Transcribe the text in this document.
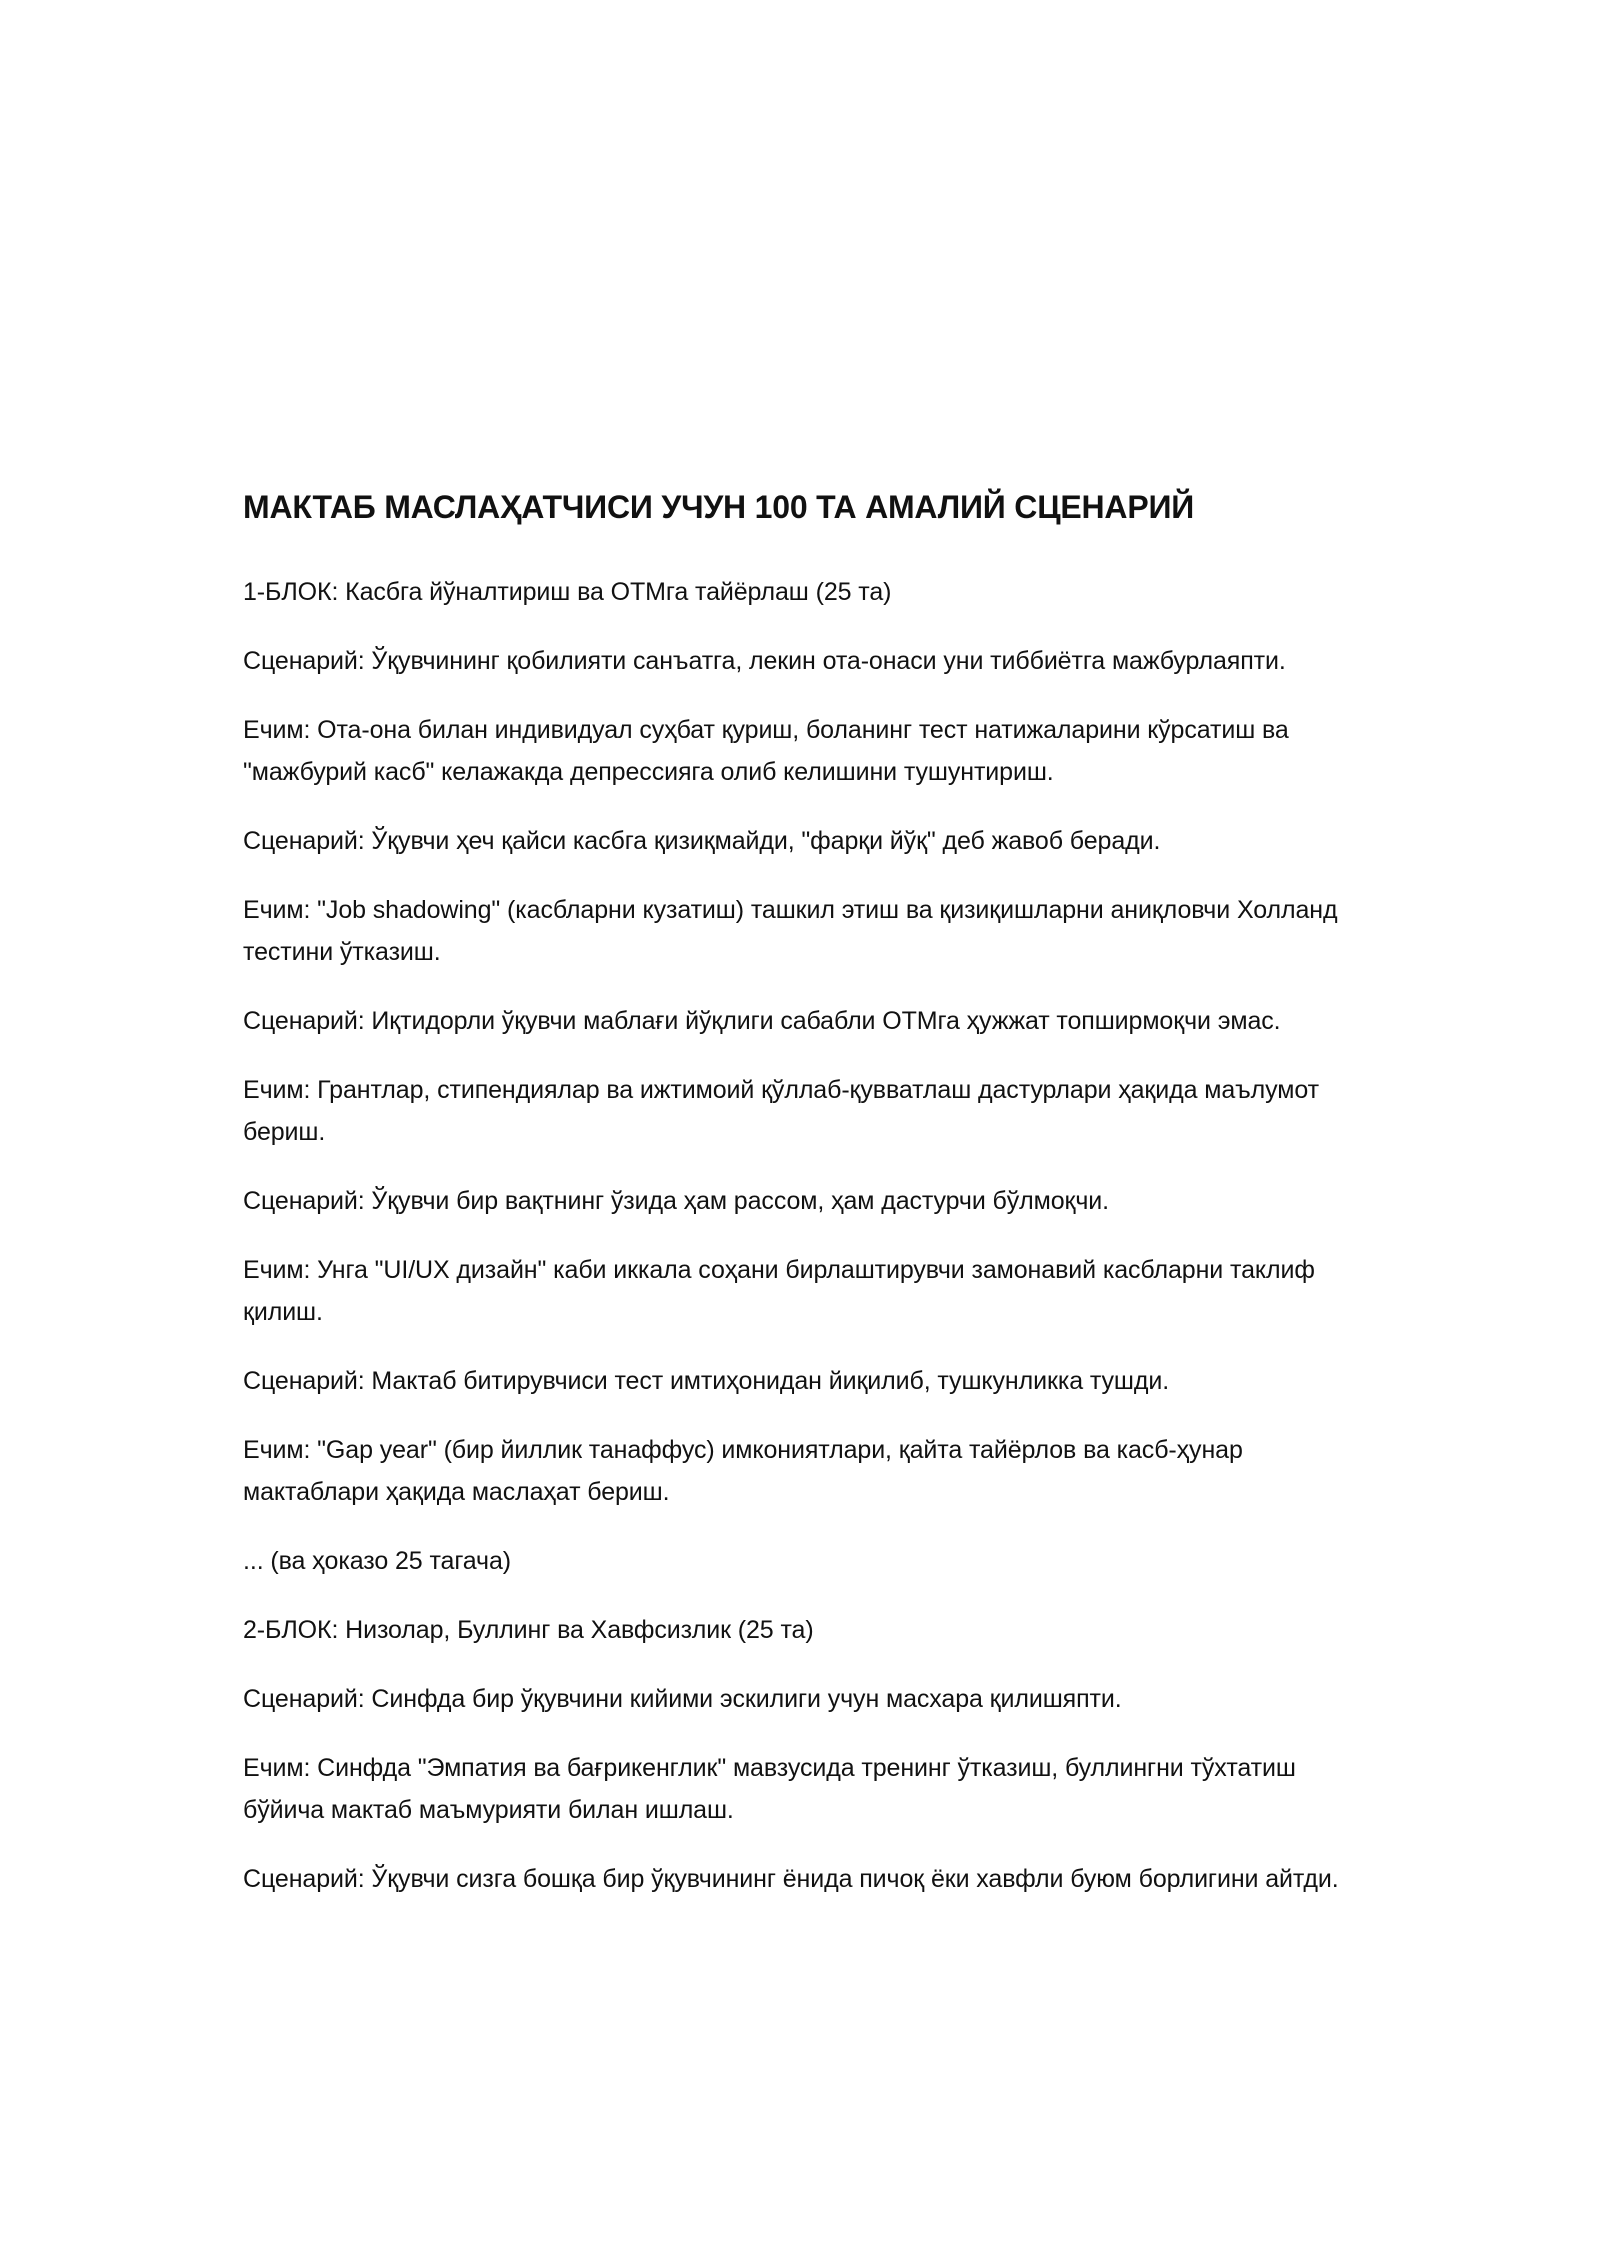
МАКТАБ МАСЛАҲАТЧИСИ УЧУН 100 ТА АМАЛИЙ СЦЕНАРИЙ

1-БЛОК: Касбга йўналтириш ва ОТМга тайёрлаш (25 та)

Сценарий: Ўқувчининг қобилияти санъатга, лекин ота-онаси уни тиббиётга мажбурлаяпти.

Ечим: Ота-она билан индивидуал суҳбат қуриш, боланинг тест натижаларини кўрсатиш ва "мажбурий касб" келажакда депрессияга олиб келишини тушунтириш.

Сценарий: Ўқувчи ҳеч қайси касбга қизиқмайди, "фарқи йўқ" деб жавоб беради.

Ечим: "Job shadowing" (касбларни кузатиш) ташкил этиш ва қизиқишларни аниқловчи Холланд тестини ўтказиш.

Сценарий: Иқтидорли ўқувчи маблағи йўқлиги сабабли ОТМга ҳужжат топширмоқчи эмас.

Ечим: Грантлар, стипендиялар ва ижтимоий қўллаб-қувватлаш дастурлари ҳақида маълумот бериш.

Сценарий: Ўқувчи бир вақтнинг ўзида ҳам рассом, ҳам дастурчи бўлмоқчи.

Ечим: Унга "UI/UX дизайн" каби иккала соҳани бирлаштирувчи замонавий касбларни таклиф қилиш.

Сценарий: Мактаб битирувчиси тест имтиҳонидан йиқилиб, тушкунликка тушди.

Ечим: "Gap year" (бир йиллик танаффус) имкониятлари, қайта тайёрлов ва касб-ҳунар мактаблари ҳақида маслаҳат бериш.

... (ва ҳоказо 25 тагача)

2-БЛОК: Низолар, Буллинг ва Хавфсизлик (25 та)

Сценарий: Синфда бир ўқувчини кийими эскилиги учун масхара қилишяпти.

Ечим: Синфда "Эмпатия ва бағрикенглик" мавзусида тренинг ўтказиш, буллингни тўхтатиш бўйича мактаб маъмурияти билан ишлаш.

Сценарий: Ўқувчи сизга бошқа бир ўқувчининг ёнида пичоқ ёки хавфли буюм борлигини айтди.
